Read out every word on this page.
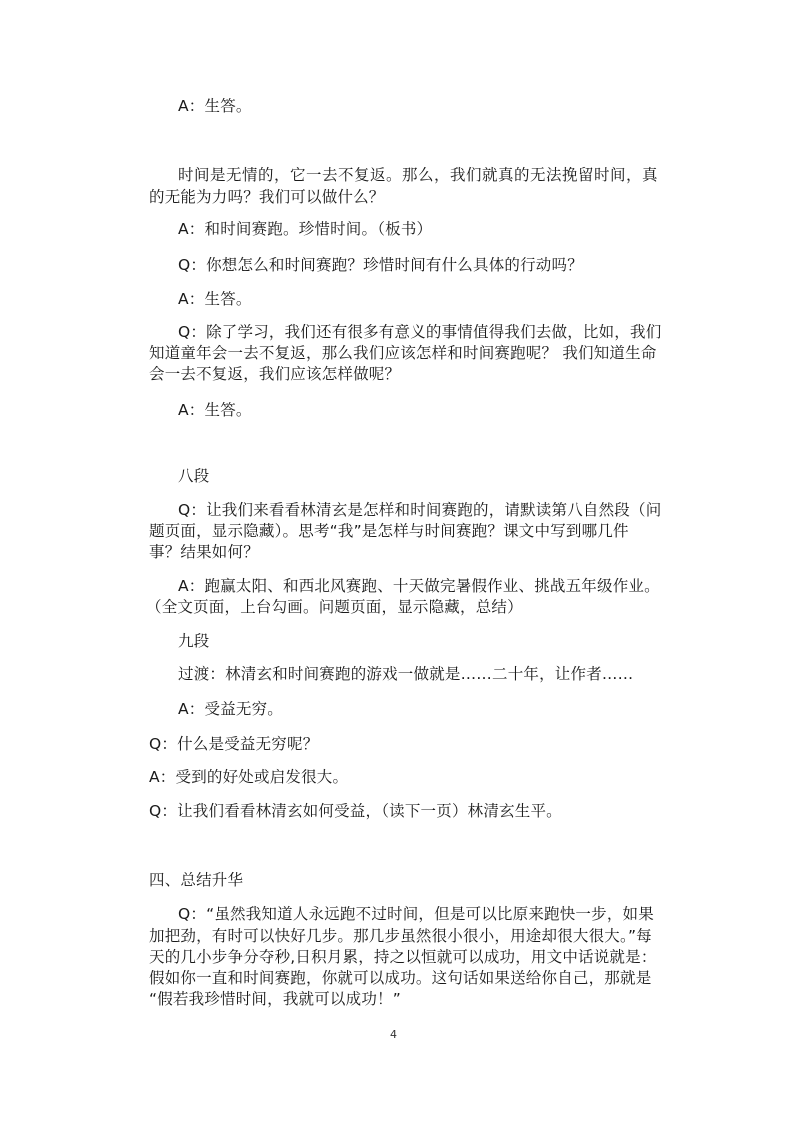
A：生答。
时间是无情的，它一去不复返。那么，我们就真的无法挽留时间，真
的无能为力吗？我们可以做什么？
A：和时间赛跑。珍惜时间。（板书）
Q：你想怎么和时间赛跑？珍惜时间有什么具体的行动吗？
A：生答。
Q：除了学习，我们还有很多有意义的事情值得我们去做，比如，我们
知道童年会一去不复返，那么我们应该怎样和时间赛跑呢？ 我们知道生命
会一去不复返，我们应该怎样做呢？
A：生答。
八段
Q：让我们来看看林清玄是怎样和时间赛跑的，请默读第八自然段（问
题页面，显示隐藏）。思考“我”是怎样与时间赛跑？课文中写到哪几件
事？结果如何？
A：跑赢太阳、和西北风赛跑、十天做完暑假作业、挑战五年级作业。
（全文页面，上台勾画。问题页面，显示隐藏，总结）
九段
过渡：林清玄和时间赛跑的游戏一做就是……二十年，让作者……
A：受益无穷。
Q：什么是受益无穷呢？
A：受到的好处或启发很大。
Q：让我们看看林清玄如何受益，（读下一页）林清玄生平。
四、总结升华
Q：“虽然我知道人永远跑不过时间，但是可以比原来跑快一步，如果
加把劲，有时可以快好几步。那几步虽然很小很小，用途却很大很大。”每
天的几小步争分夺秒,日积月累，持之以恒就可以成功，用文中话说就是：
假如你一直和时间赛跑，你就可以成功。这句话如果送给你自己，那就是
“假若我珍惜时间，我就可以成功！”
4
